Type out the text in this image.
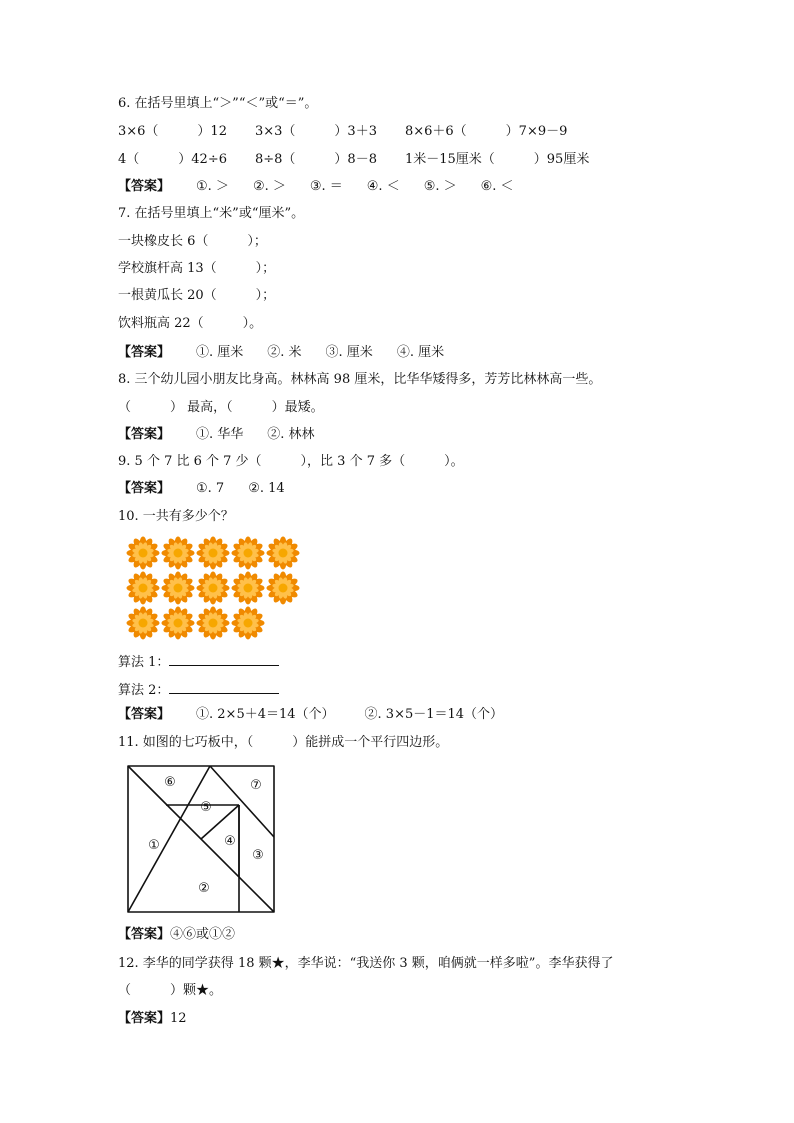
6. 在括号里填上“＞”“＜”或“＝”。
3×6（　　　）12 3×3（　　　）3＋3 8×6＋6（　　　）7×9－9
4（　　　）42÷6 8÷8（　　　）8－8 1米－15厘米（　　　）95厘米
【答案】 ①. ＞ ②. ＞ ③. ＝ ④. ＜ ⑤. ＞ ⑥. ＜
7. 在括号里填上“米”或“厘米”。
一块橡皮长 6（　　　）；
学校旗杆高 13（　　　）；
一根黄瓜长 20（　　　）；
饮料瓶高 22（　　　）。
【答案】 ①. 厘米 ②. 米 ③. 厘米 ④. 厘米
8. 三个幼儿园小朋友比身高。林林高 98 厘米，比华华矮得多，芳芳比林林高一些。
（　　　） 最高，（　　　）最矮。
【答案】 ①. 华华 ②. 林林
9. 5 个 7 比 6 个 7 少（　　　），比 3 个 7 多（　　　）。
【答案】 ①. 7 ②. 14
10. 一共有多少个？
算法 1：
算法 2：
【答案】 ①. 2×5＋4＝14（个） ②. 3×5－1＝14（个）
11. 如图的七巧板中，（　　　）能拼成一个平行四边形。
⑥
⑤
⑦
①	④
③
②
【答案】④⑥或①②
12. 李华的同学获得 18 颗★，李华说：“我送你 3 颗，咱俩就一样多啦”。李华获得了
（　　　）颗★。
【答案】12
